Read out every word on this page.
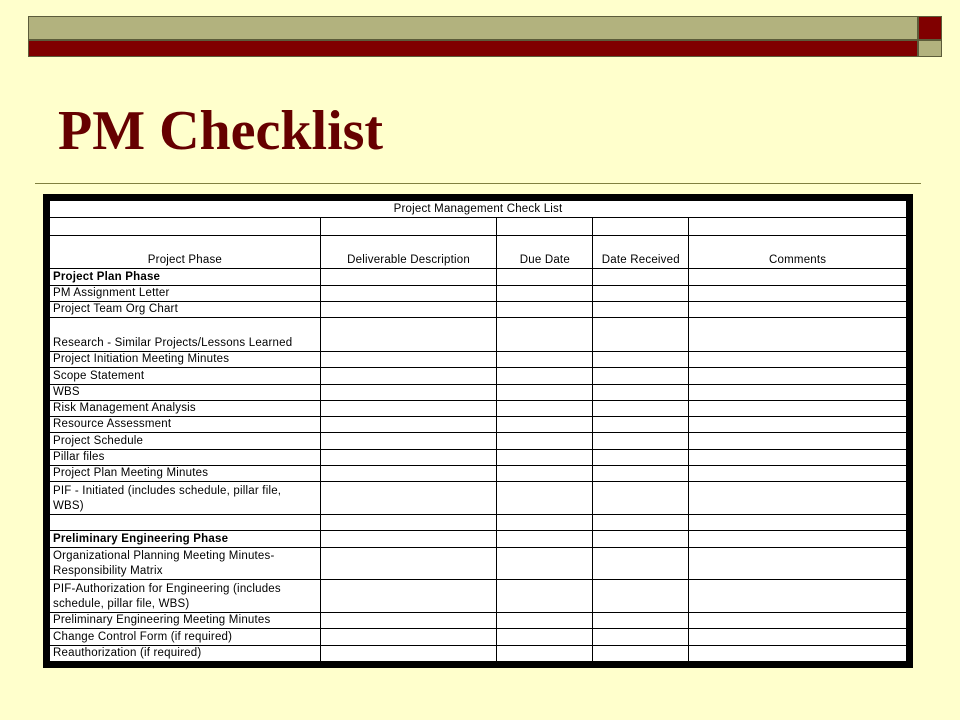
PM Checklist
Project Management Check List				

Project Phase	Deliverable Description	Due Date	Date Received	Comments
Project Plan Phase				
PM Assignment Letter				
Project Team Org Chart				
Research - Similar Projects/Lessons Learned				
Project Initiation Meeting Minutes				
Scope Statement				
WBS				
Risk Management Analysis				
Resource Assessment				
Project Schedule				
Pillar files				
Project Plan Meeting Minutes				

PIF - Initiated (includes schedule, pillar file,
WBS)				

Preliminary Engineering Phase				

Organizational Planning Meeting Minutes-
Responsibility Matrix				

PIF-Authorization for Engineering (includes
schedule, pillar file, WBS)				

Preliminary Engineering Meeting Minutes				
Change Control Form (if required)				
Reauthorization (if required)				
